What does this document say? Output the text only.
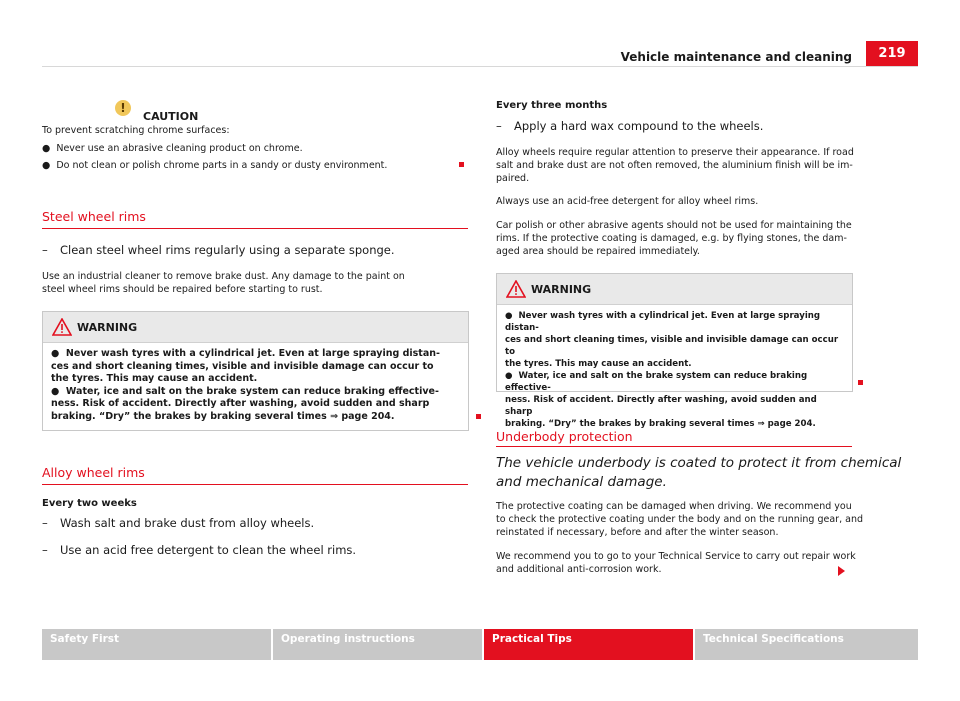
Vehicle maintenance and cleaning	219
!
CAUTION
To prevent scratching chrome surfaces:
● Never use an abrasive cleaning product on chrome.
● Do not clean or polish chrome parts in a sandy or dusty environment.
Steel wheel rims
– Clean steel wheel rims regularly using a separate sponge.
Use an industrial cleaner to remove brake dust. Any damage to the paint on
steel wheel rims should be repaired before starting to rust.
WARNING
● Never wash tyres with a cylindrical jet. Even at large spraying distan-
ces and short cleaning times, visible and invisible damage can occur to
the tyres. This may cause an accident.
● Water, ice and salt on the brake system can reduce braking effective-
ness. Risk of accident. Directly after washing, avoid sudden and sharp
braking. “Dry” the brakes by braking several times ⇒ page 204.
Alloy wheel rims
Every two weeks
– Wash salt and brake dust from alloy wheels.
– Use an acid free detergent to clean the wheel rims.
Every three months
– Apply a hard wax compound to the wheels.
Alloy wheels require regular attention to preserve their appearance. If road
salt and brake dust are not often removed, the aluminium finish will be im-
paired.
Always use an acid-free detergent for alloy wheel rims.
Car polish or other abrasive agents should not be used for maintaining the
rims. If the protective coating is damaged, e.g. by flying stones, the dam-
aged area should be repaired immediately.
WARNING
● Never wash tyres with a cylindrical jet. Even at large spraying distan-
ces and short cleaning times, visible and invisible damage can occur to
the tyres. This may cause an accident.
● Water, ice and salt on the brake system can reduce braking effective-
ness. Risk of accident. Directly after washing, avoid sudden and sharp
braking. “Dry” the brakes by braking several times ⇒ page 204.
Underbody protection
The vehicle underbody is coated to protect it from chemical
and mechanical damage.
The protective coating can be damaged when driving. We recommend you
to check the protective coating under the body and on the running gear, and
reinstated if necessary, before and after the winter season.
We recommend you to go to your Technical Service to carry out repair work
and additional anti-corrosion work.
Safety First	Operating instructions	Practical Tips	Technical Specifications
